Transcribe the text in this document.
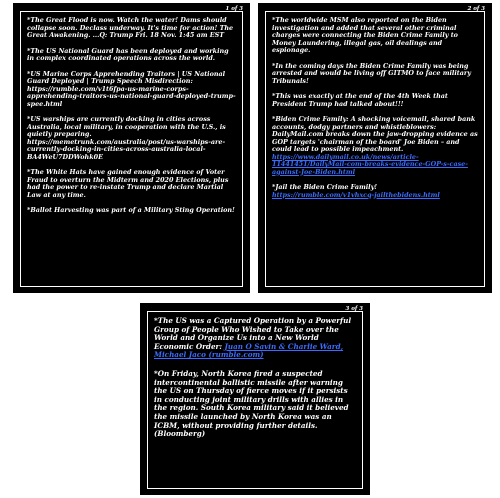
1 of 3

*The Great Flood is now. Watch the water! Dams should collapse soon. Declass underway. It's time for action! The Great Awakening. ...Q: Trump Fri. 18 Nov. 1:45 am EST

*The US National Guard has been deployed and working in complex coordinated operations across the world.

*US Marine Corps Apprehending Traitors | US National Guard Deployed | Trump Speech Misdirection: https://rumble.com/v1t6fpa-us-marine-corps-apprehending-traitors-us-national-guard-deployed-trump-spee.html

*US warships are currently docking in cities across Australia, local military, in cooperation with the U.S., is quietly preparing. https://memetrunk.com/australia/post/us-warships-are-currently-docking-in-cities-across-australia-local-BA4WeU7DDWohk0E

*The White Hats have gained enough evidence of Voter Fraud to overturn the Midterm and 2020 Elections, plus had the power to re-instate Trump and declare Martial Law at any time.

*Ballot Harvesting was part of a Military Sting Operation!

2 of 3

*The worldwide MSM also reported on the Biden investigation and added that several other criminal charges were connecting the Biden Crime Family to Money Laundering, illegal gas, oil dealings and espionage.

*In the coming days the Biden Crime Family was being arrested and would be living off GITMO to face military Tribunals!

*This was exactly at the end of the 4th Week that President Trump had talked about!!!

*Biden Crime Family: A shocking voicemail, shared bank accounts, dodgy partners and whistleblowers: DailyMail.com breaks down the jaw-dropping evidence as GOP targets 'chairman of the board' Joe Biden – and could lead to possible impeachment. https://www.dailymail.co.uk/news/article-11441451/DailyMail-com-breaks-evidence-GOP-s-case-against-Joe-Biden.html

*Jail the Biden Crime Family! https://rumble.com/v1vhxcq-jailthebidens.html

3 of 3

*The US was a Captured Operation by a Powerful Group of People Who Wished to Take over the World and Organize Us into a New World Economic Order: Juan O Savin & Charlie Ward, Michael Jaco (rumble.com)

*On Friday, North Korea fired a suspected intercontinental ballistic missile after warning the US on Thursday of fierce moves if it persists in conducting joint military drills with allies in the region. South Korea military said it believed the missile launched by North Korea was an ICBM, without providing further details. (Bloomberg)
